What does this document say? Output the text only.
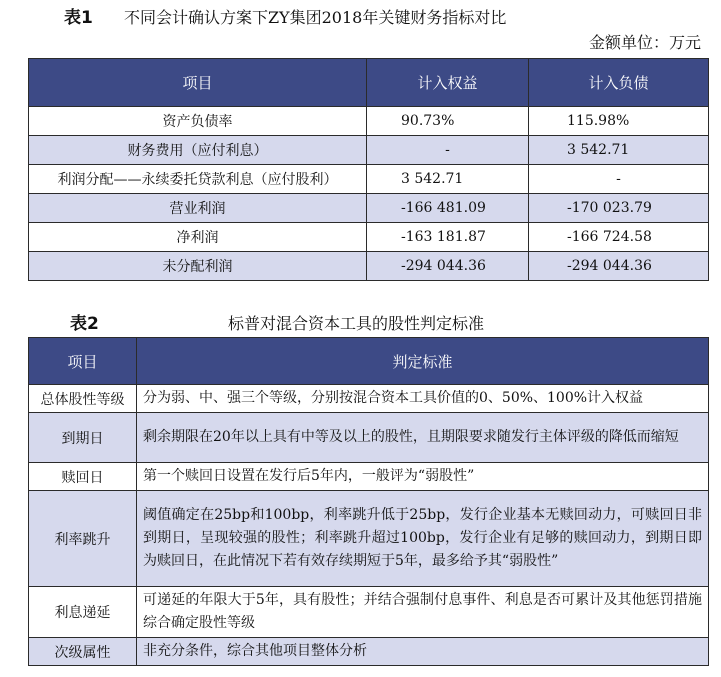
表1 不同会计确认方案下ZY集团2018年关键财务指标对比
金额单位：万元
项目	计入权益	计入负债
资产负债率	90.73%	115.98%
财务费用（应付利息）	-	3 542.71
利润分配——永续委托贷款利息（应付股利）	3 542.71	-
营业利润	-166 481.09	-170 023.79
净利润	-163 181.87	-166 724.58
未分配利润	-294 044.36	-294 044.36
表2	标普对混合资本工具的股性判定标准
项目	判定标准
总体股性等级	分为弱、中、强三个等级，分别按混合资本工具价值的0、50%、100%计入权益
到期日	剩余期限在20年以上具有中等及以上的股性，且期限要求随发行主体评级的降低而缩短
赎回日	第一个赎回日设置在发行后5年内，一般评为“弱股性”
利率跳升	阈值确定在25bp和100bp，利率跳升低于25bp，发行企业基本无赎回动力，可赎回日非到期日，呈现较强的股性；利率跳升超过100bp，发行企业有足够的赎回动力，到期日即为赎回日，在此情况下若有效存续期短于5年，最多给予其“弱股性”
利息递延	可递延的年限大于5年，具有股性；并结合强制付息事件、利息是否可累计及其他惩罚措施综合确定股性等级
次级属性	非充分条件，综合其他项目整体分析
